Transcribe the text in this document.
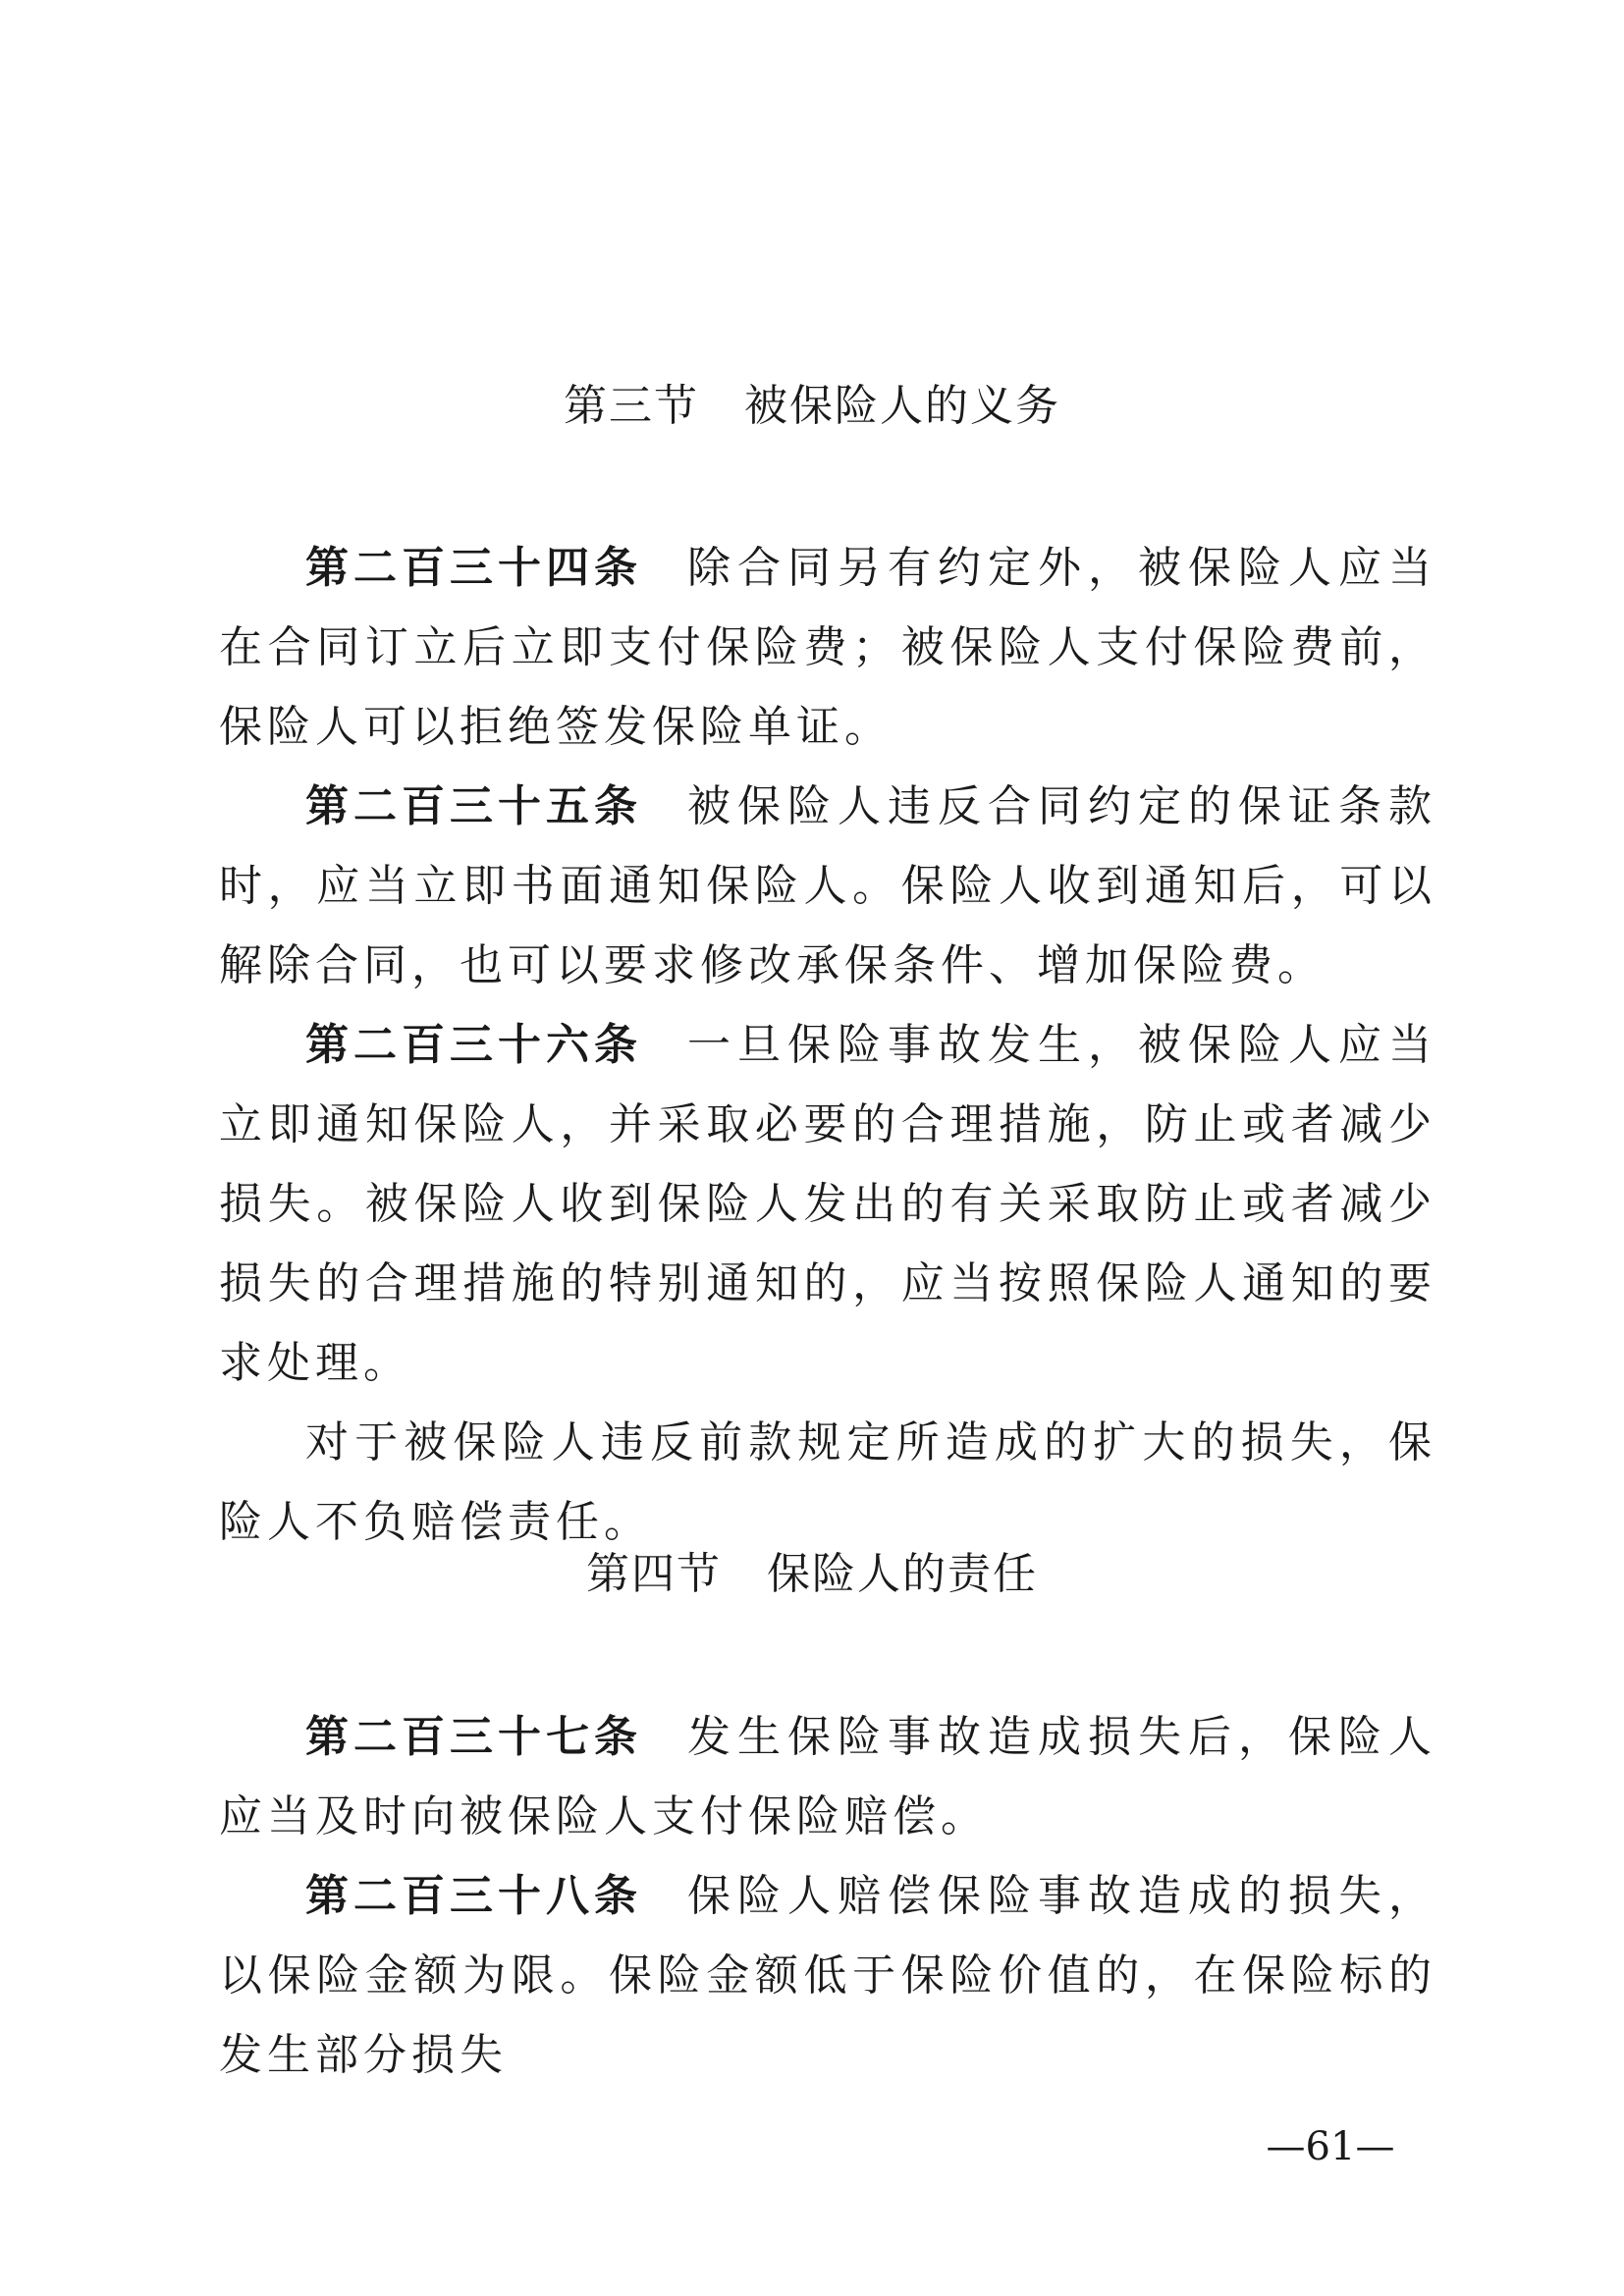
第三节　被保险人的义务

第二百三十四条 除合同另有约定外，被保险人应当在合同订立后立即支付保险费；被保险人支付保险费前，保险人可以拒绝签发保险单证。

第二百三十五条 被保险人违反合同约定的保证条款时，应当立即书面通知保险人。保险人收到通知后，可以解除合同，也可以要求修改承保条件、增加保险费。

第二百三十六条 一旦保险事故发生，被保险人应当立即通知保险人，并采取必要的合理措施，防止或者减少损失。被保险人收到保险人发出的有关采取防止或者减少损失的合理措施的特别通知的，应当按照保险人通知的要求处理。

对于被保险人违反前款规定所造成的扩大的损失，保险人不负赔偿责任。

第四节　保险人的责任

第二百三十七条 发生保险事故造成损失后，保险人应当及时向被保险人支付保险赔偿。

第二百三十八条 保险人赔偿保险事故造成的损失，以保险金额为限。保险金额低于保险价值的，在保险标的发生部分损失

—61—
